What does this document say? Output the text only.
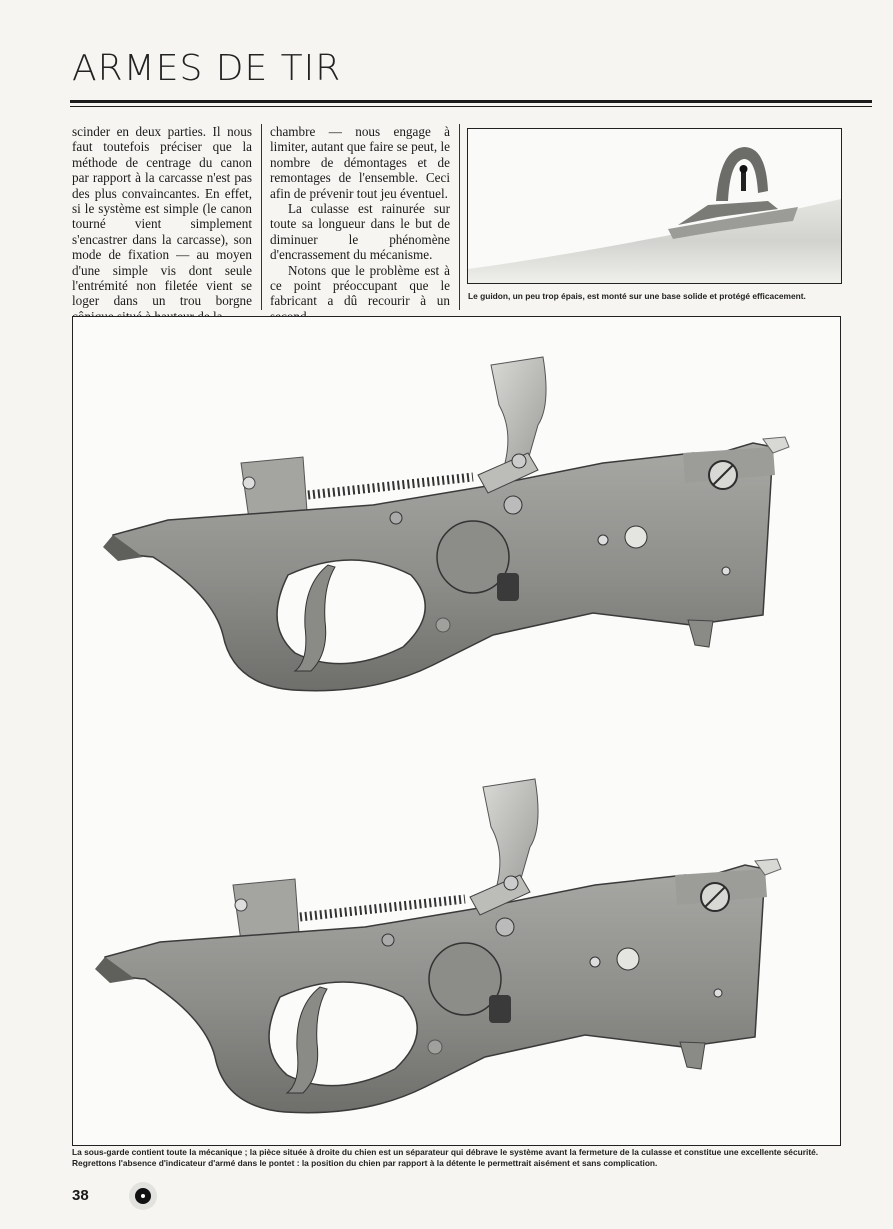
ARMES DE TIR

scinder en deux parties. Il nous faut toutefois préciser que la méthode de centrage du canon par rapport à la carcasse n'est pas des plus convaincantes. En effet, si le système est simple (le canon tourné vient simplement s'encastrer dans la carcasse), son mode de fixation — au moyen d'une simple vis dont seule l'entrémité non filetée vient se loger dans un trou borgne

chambre — nous engage à limiter, autant que faire se peut, le nombre de démontages et de remontages de l'ensemble. Ceci afin de prévenir tout jeu éventuel.

La culasse est rainurée sur toute sa longueur dans le but de diminuer le phénomène d'encrassement du mécanisme.

Notons que le problème est à ce point préoccupant que le fabricant a dû recourir à un Le guidon, un peu trop épais, est monté sur une base solide et protégé efficacement.
La sous-garde contient toute la mécanique ; la pièce située à droite du chien est un séparateur qui débrave le système avant la fermeture de la culasse et constitue une excellente sécurité. Regrettons l'absence d'indicateur d'armé dans le pontet : la position du chien par rapport à la détente le permettrait aisément et sans complication.
38
